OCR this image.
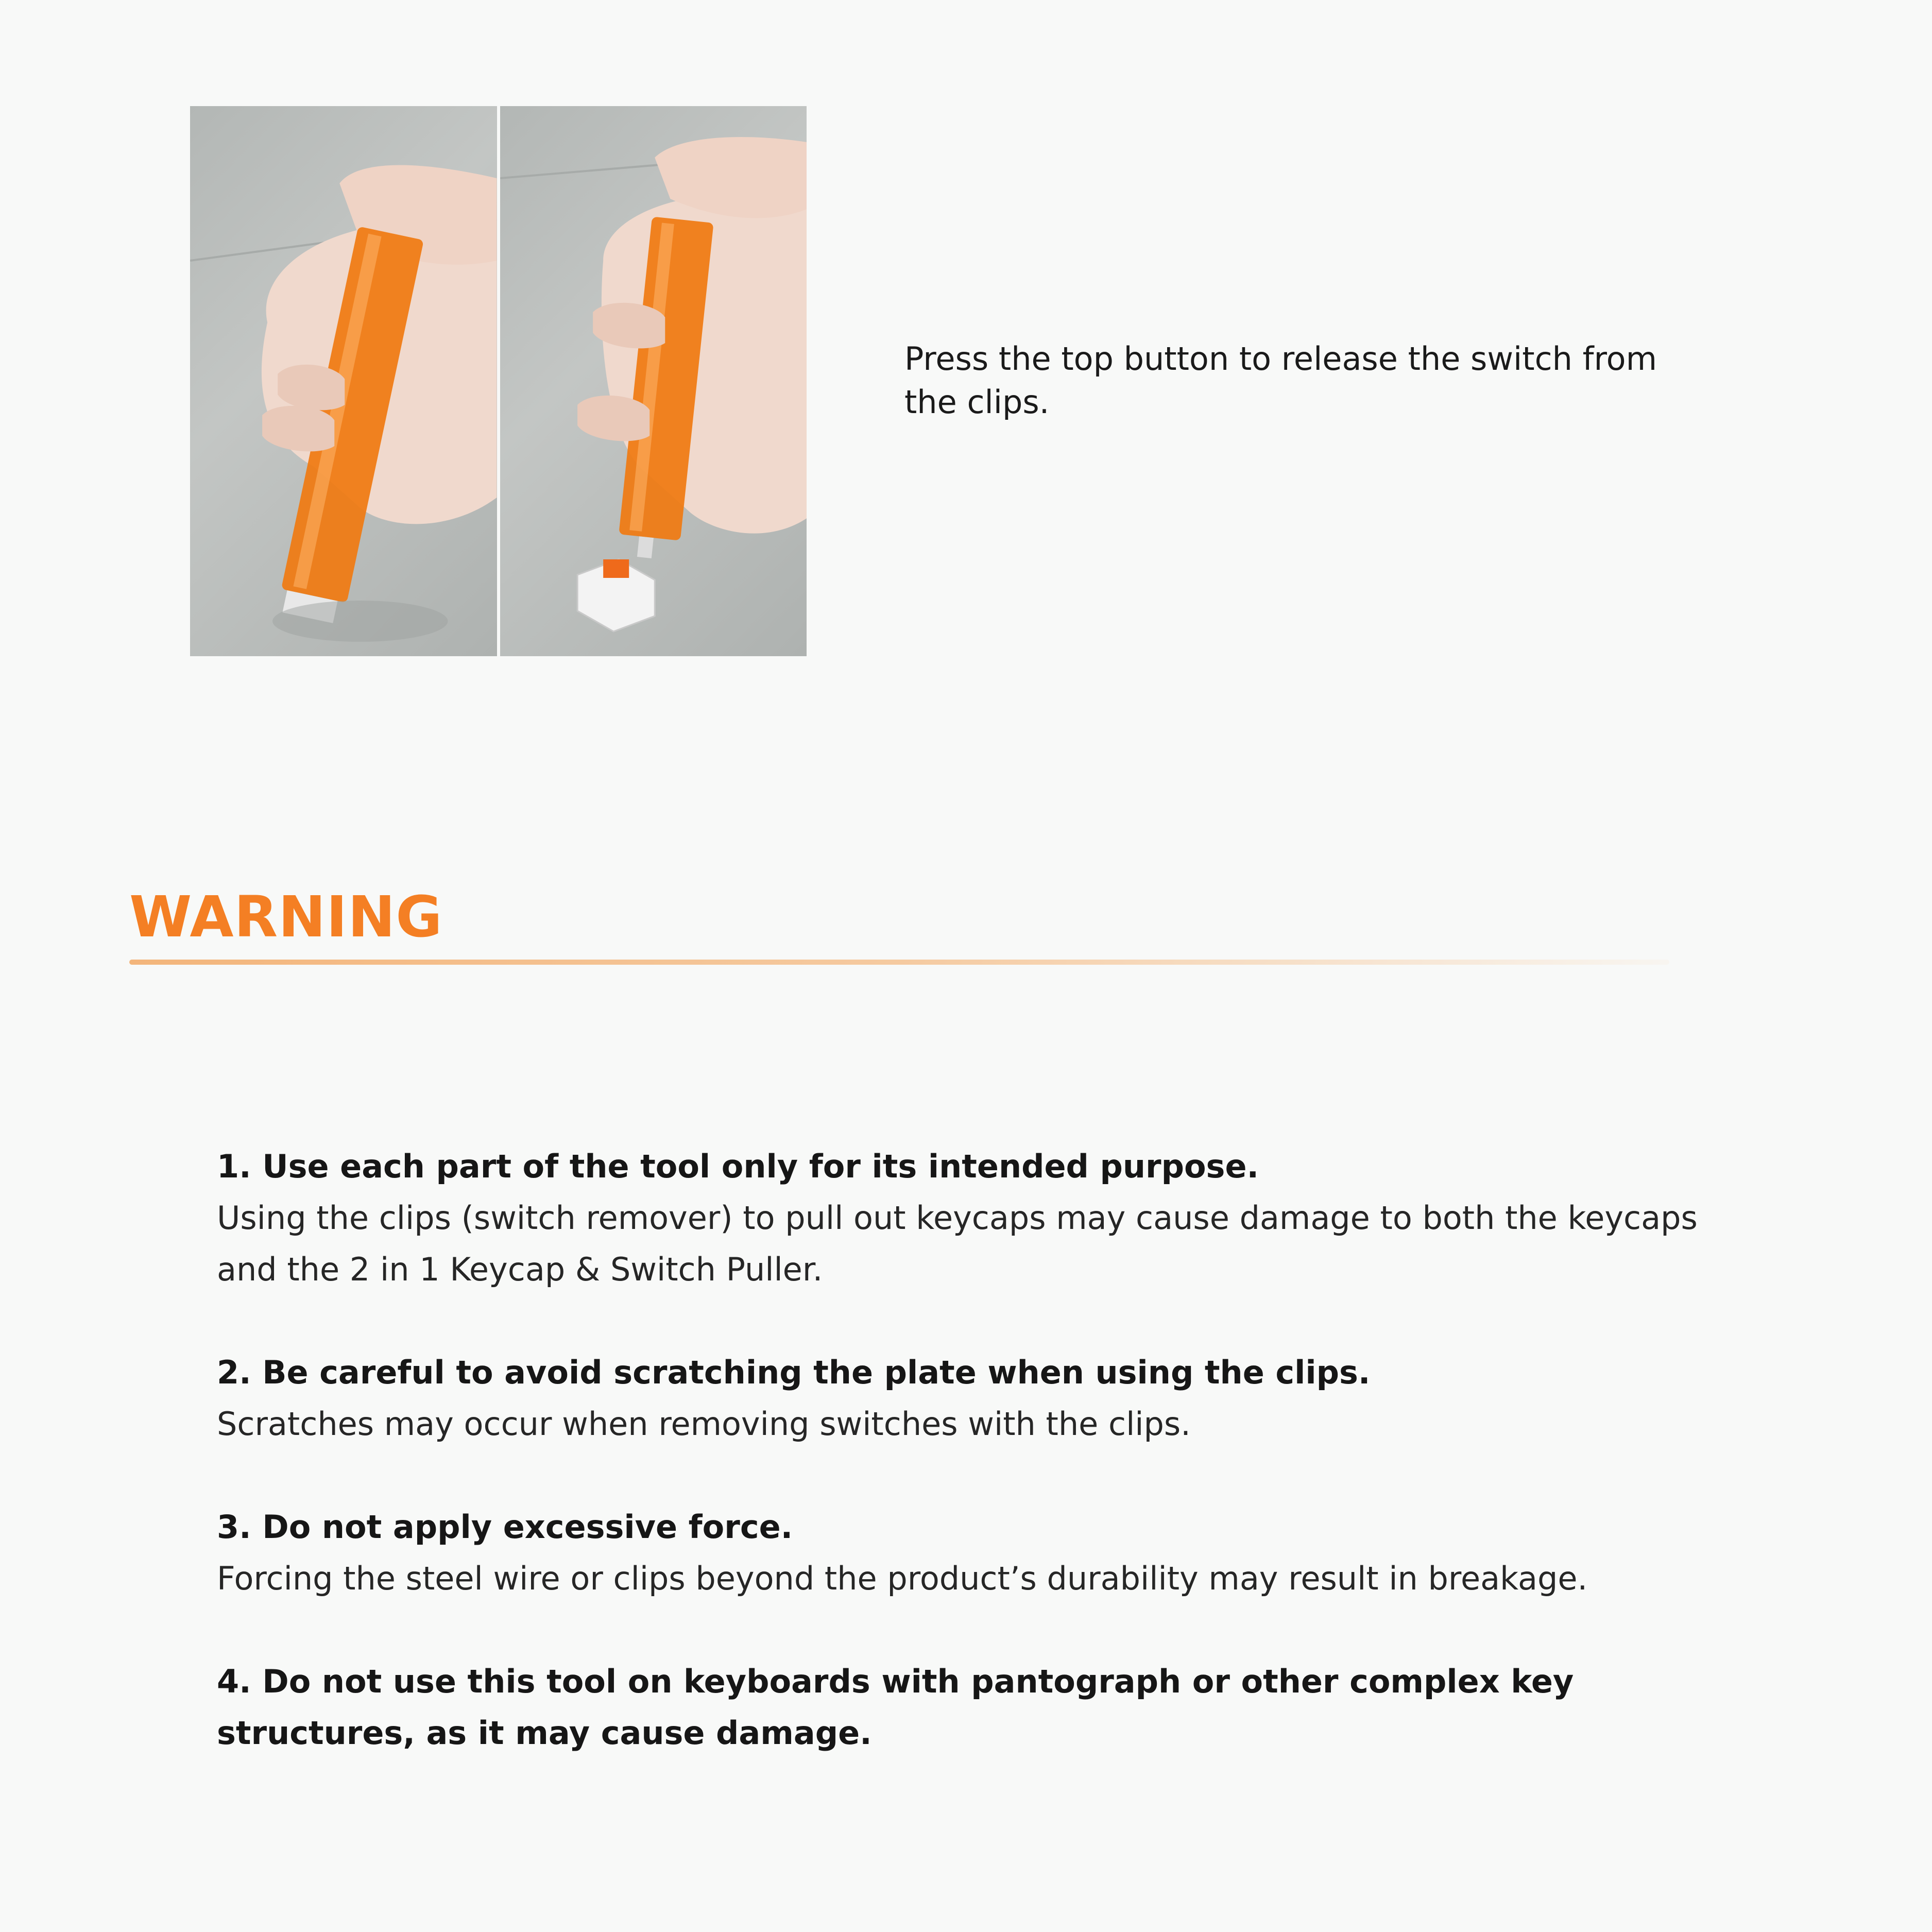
Press the top button to release the switch from the clips.
WARNING
1. Use each part of the tool only for its intended purpose.
Using the clips (switch remover) to pull out keycaps may cause damage to both the keycaps and the 2 in 1 Keycap & Switch Puller.
2. Be careful to avoid scratching the plate when using the clips.
Scratches may occur when removing switches with the clips.
3. Do not apply excessive force.
Forcing the steel wire or clips beyond the product’s durability may result in breakage.
4. Do not use this tool on keyboards with pantograph or other complex key structures, as it may cause damage.
